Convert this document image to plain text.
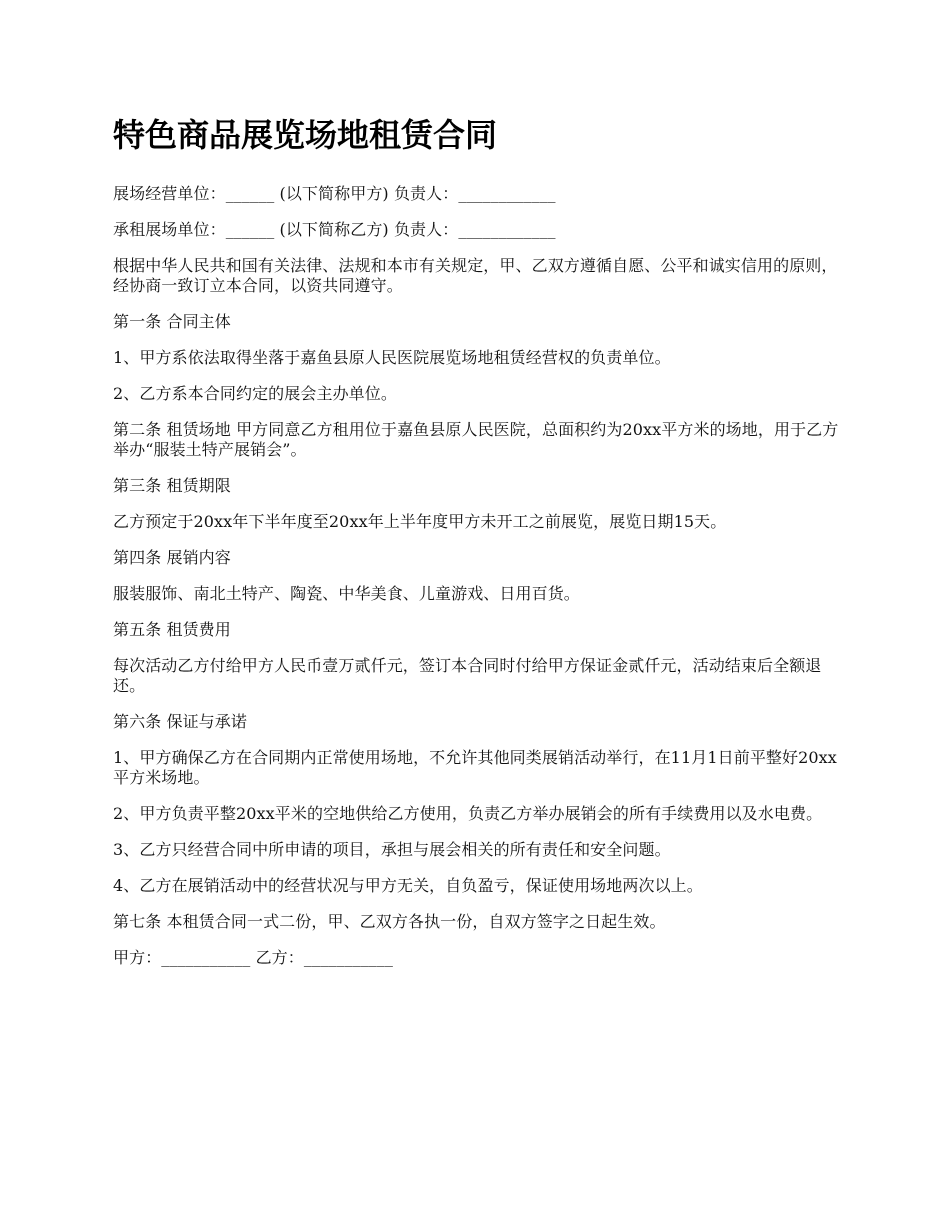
特色商品展览场地租赁合同

展场经营单位：______ (以下简称甲方) 负责人：____________

承租展场单位：______ (以下简称乙方) 负责人：____________

根据中华人民共和国有关法律、法规和本市有关规定，甲、乙双方遵循自愿、公平和诚实信用的原则，经协商一致订立本合同，以资共同遵守。

第一条 合同主体

1、甲方系依法取得坐落于嘉鱼县原人民医院展览场地租赁经营权的负责单位。

2、乙方系本合同约定的展会主办单位。

第二条 租赁场地 甲方同意乙方租用位于嘉鱼县原人民医院，总面积约为20xx平方米的场地，用于乙方举办“服装土特产展销会”。

第三条 租赁期限

乙方预定于20xx年下半年度至20xx年上半年度甲方未开工之前展览，展览日期15天。

第四条 展销内容

服装服饰、南北土特产、陶瓷、中华美食、儿童游戏、日用百货。

第五条 租赁费用

每次活动乙方付给甲方人民币壹万贰仟元，签订本合同时付给甲方保证金贰仟元，活动结束后全额退还。

第六条 保证与承诺

1、甲方确保乙方在合同期内正常使用场地，不允许其他同类展销活动举行，在11月1日前平整好20xx平方米场地。

2、甲方负责平整20xx平米的空地供给乙方使用，负责乙方举办展销会的所有手续费用以及水电费。

3、乙方只经营合同中所申请的项目，承担与展会相关的所有责任和安全问题。

4、乙方在展销活动中的经营状况与甲方无关，自负盈亏，保证使用场地两次以上。

第七条 本租赁合同一式二份，甲、乙双方各执一份，自双方签字之日起生效。

甲方：___________ 乙方：___________
